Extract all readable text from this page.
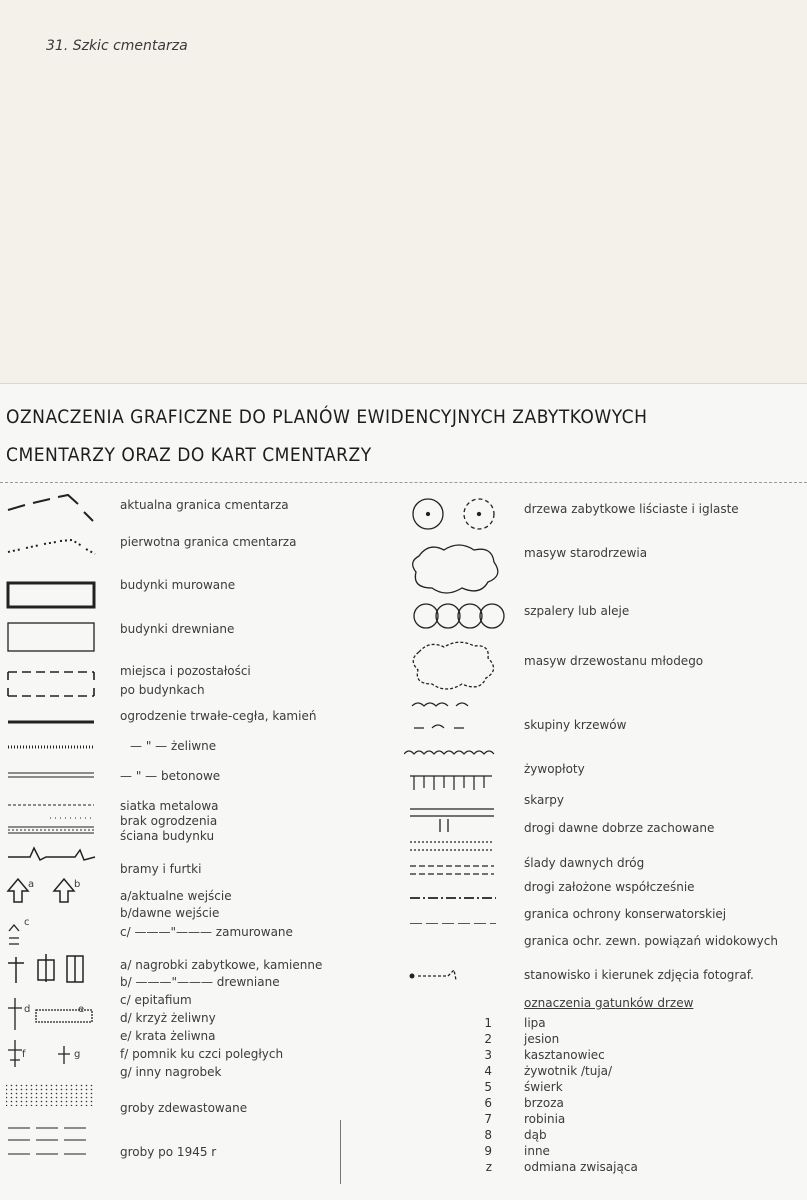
31. Szkic cmentarza
OZNACZENIA GRAFICZNE DO PLANÓW EWIDENCYJNYCH ZABYTKOWYCH
CMENTARZY ORAZ DO KART CMENTARZY
a	b
c
d	e
f	g
aktualna granica cmentarza
pierwotna granica cmentarza
budynki murowane
budynki drewniane
miejsca i pozostałości
po budynkach
ogrodzenie trwałe-cegła, kamień
— " — żeliwne
— " — betonowe
siatka metalowa
brak ogrodzenia
ściana budynku
bramy i furtki
a/aktualne wejście
b/dawne wejście
c/ ———"——— zamurowane
a/ nagrobki zabytkowe, kamienne
b/ ———"——— drewniane
c/ epitafium
d/ krzyż żeliwny
e/ krata żeliwna
f/ pomnik ku czci poległych
g/ inny nagrobek
groby zdewastowane
groby po 1945 r
drzewa zabytkowe liściaste i iglaste
masyw starodrzewia
szpalery lub aleje
masyw drzewostanu młodego
skupiny krzewów
żywopłoty
skarpy
drogi dawne dobrze zachowane
ślady dawnych dróg
drogi założone współcześnie
granica ochrony konserwatorskiej
granica ochr. zewn. powiązań widokowych
stanowisko i kierunek zdjęcia fotograf.
oznaczenia gatunków drzew
1	lipa
2	jesion
3	kasztanowiec
4	żywotnik /tuja/
5	świerk
6	brzoza
7	robinia
8	dąb
9	inne
z	odmiana zwisająca
